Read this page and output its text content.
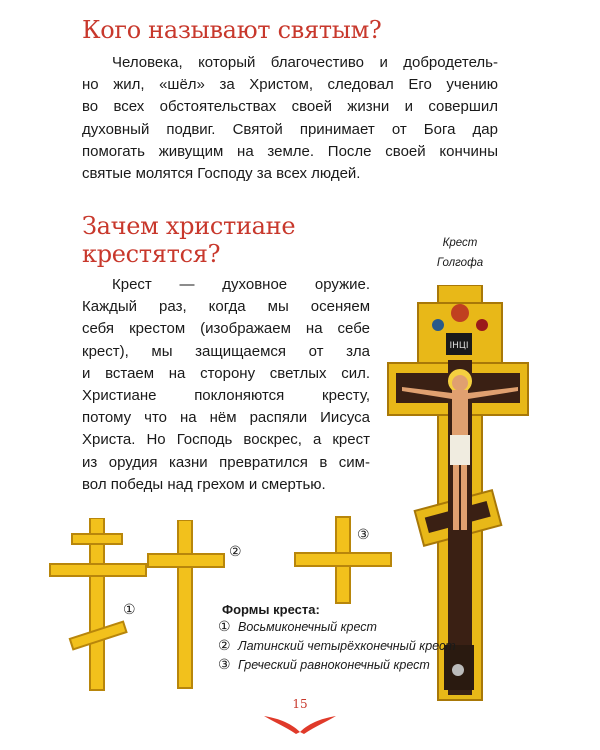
Кого называют святым?
Человека, который благочестиво и добродетель-
но жил, «шёл» за Христом, следовал Его учению
во всех обстоятельствах своей жизни и совершил
духовный подвиг. Святой принимает от Бога дар
помогать живущим на земле. После своей кончины
святые молятся Господу за всех людей.
Зачем христиане
крестятся?
Крест — духовное оружие.
Каждый раз, когда мы осеняем
себя крестом (изображаем на себе
крест), мы защищаемся от зла
и встаем на сторону светлых сил.
Христиане поклоняются кресту,
потому что на нём распяли Иисуса
Христа. Но Господь воскрес, а крест
из орудия казни превратился в сим-
вол победы над грехом и смертью.
Крест
Голгофа
ІНЦІ
①
②
③
Формы креста:
① Восьмиконечный крест
② Латинский четырёхконечный крест
③ Греческий равноконечный крест
15
